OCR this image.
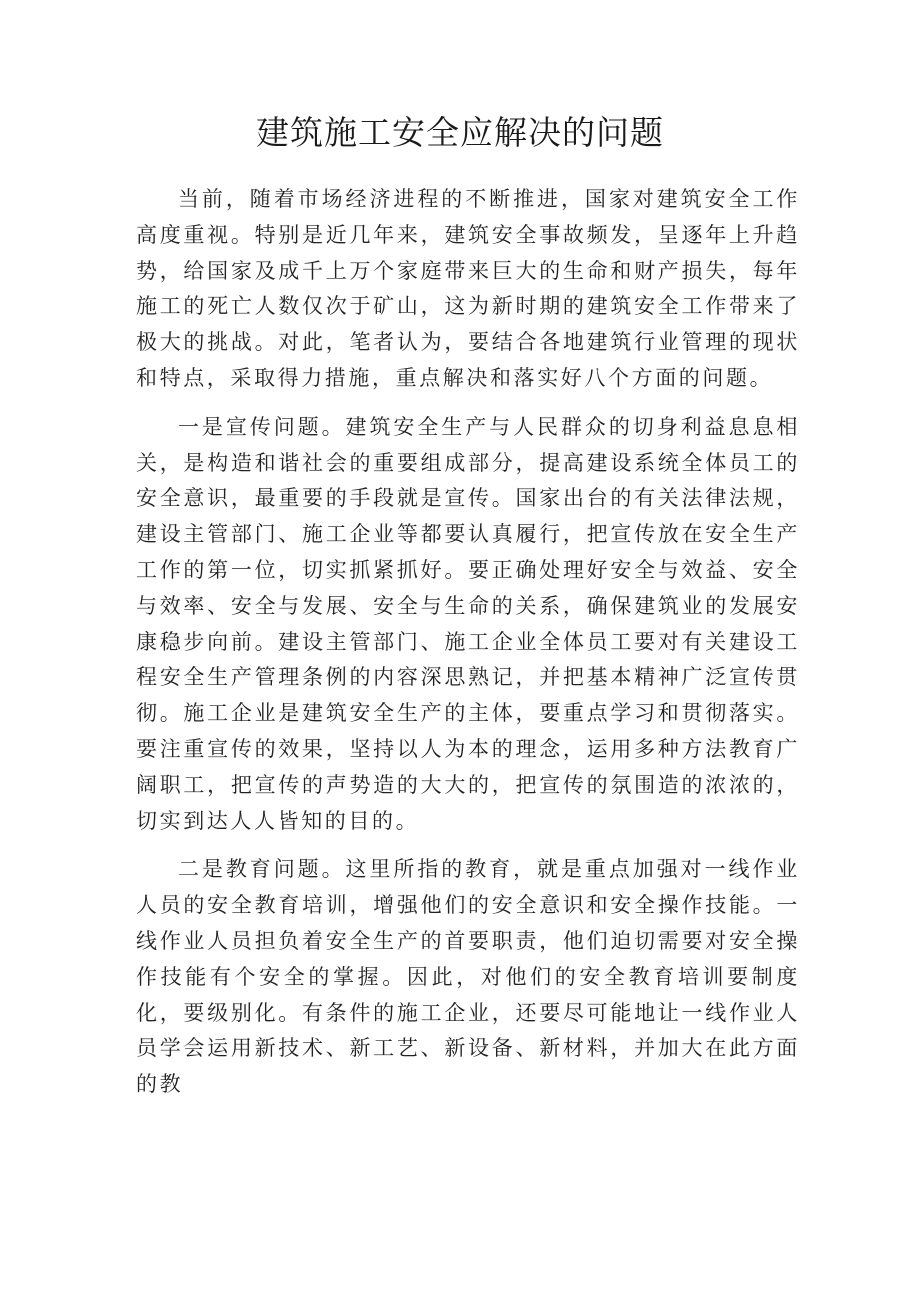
建筑施工安全应解决的问题

当前，随着市场经济进程的不断推进，国家对建筑安全工作高度重视。特别是近几年来，建筑安全事故频发，呈逐年上升趋势，给国家及成千上万个家庭带来巨大的生命和财产损失，每年施工的死亡人数仅次于矿山，这为新时期的建筑安全工作带来了极大的挑战。对此，笔者认为，要结合各地建筑行业管理的现状和特点，采取得力措施，重点解决和落实好八个方面的问题。

一是宣传问题。建筑安全生产与人民群众的切身利益息息相关，是构造和谐社会的重要组成部分，提高建设系统全体员工的安全意识，最重要的手段就是宣传。国家出台的有关法律法规，建设主管部门、施工企业等都要认真履行，把宣传放在安全生产工作的第一位，切实抓紧抓好。要正确处理好安全与效益、安全与效率、安全与发展、安全与生命的关系，确保建筑业的发展安康稳步向前。建设主管部门、施工企业全体员工要对有关建设工程安全生产管理条例的内容深思熟记，并把基本精神广泛宣传贯彻。施工企业是建筑安全生产的主体，要重点学习和贯彻落实。要注重宣传的效果，坚持以人为本的理念，运用多种方法教育广阔职工，把宣传的声势造的大大的，把宣传的氛围造的浓浓的，切实到达人人皆知的目的。

二是教育问题。这里所指的教育，就是重点加强对一线作业人员的安全教育培训，增强他们的安全意识和安全操作技能。一线作业人员担负着安全生产的首要职责，他们迫切需要对安全操作技能有个安全的掌握。因此，对他们的安全教育培训要制度化，要级别化。有条件的施工企业，还要尽可能地让一线作业人员学会运用新技术、新工艺、新设备、新材料，并加大在此方面的教
